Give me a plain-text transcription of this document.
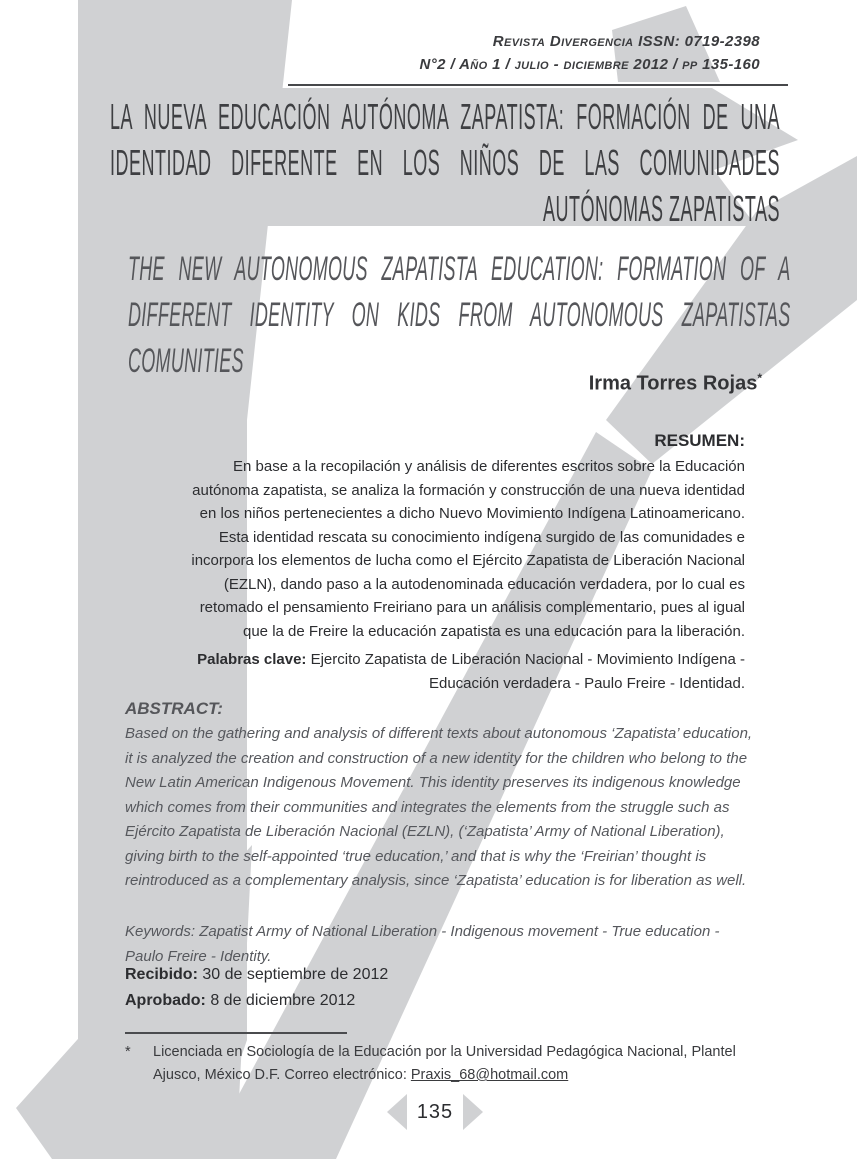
Revista Divergencia ISSN: 0719-2398
N°2 / Año 1 / julio - diciembre 2012 / pp 135-160
LA NUEVA EDUCACIÓN AUTÓNOMA ZAPATISTA: FORMACIÓN DE UNA IDENTIDAD DIFERENTE EN LOS NIÑOS DE LAS COMUNIDADES AUTÓNOMAS ZAPATISTAS
THE NEW AUTONOMOUS ZAPATISTA EDUCATION: FORMATION OF A DIFFERENT IDENTITY ON KIDS FROM AUTONOMOUS ZAPATISTAS COMUNITIES
Irma Torres Rojas*
RESUMEN:
En base a la recopilación y análisis de diferentes escritos sobre la Educación autónoma zapatista, se analiza la formación y construcción de una nueva identidad en los niños pertenecientes a dicho Nuevo Movimiento Indígena Latinoamericano. Esta identidad rescata su conocimiento indígena surgido de las comunidades e incorpora los elementos de lucha como el Ejército Zapatista de Liberación Nacional (EZLN), dando paso a la autodenominada educación verdadera, por lo cual es retomado el pensamiento Freiriano para un análisis complementario, pues al igual que la de Freire la educación zapatista es una educación para la liberación.
Palabras clave: Ejercito Zapatista de Liberación Nacional - Movimiento Indígena - Educación verdadera - Paulo Freire - Identidad.
ABSTRACT:
Based on the gathering and analysis of different texts about autonomous ‘Zapatista’ education, it is analyzed the creation and construction of a new identity for the children who belong to the New Latin American Indigenous Movement. This identity preserves its indigenous knowledge which comes from their communities and integrates the elements from the struggle such as Ejército Zapatista de Liberación Nacional (EZLN), (‘Zapatista’ Army of National Liberation), giving birth to the self-appointed ‘true education,’ and that is why the ‘Freirian’ thought is reintroduced as a complementary analysis, since ‘Zapatista’ education is for liberation as well.
Keywords: Zapatist Army of National Liberation - Indigenous movement - True education - Paulo Freire - Identity.
Recibido: 30 de septiembre de 2012
Aprobado: 8 de diciembre 2012
*	Licenciada en Sociología de la Educación por la Universidad Pedagógica Nacional, Plantel Ajusco, México D.F. Correo electrónico: Praxis_68@hotmail.com
135
